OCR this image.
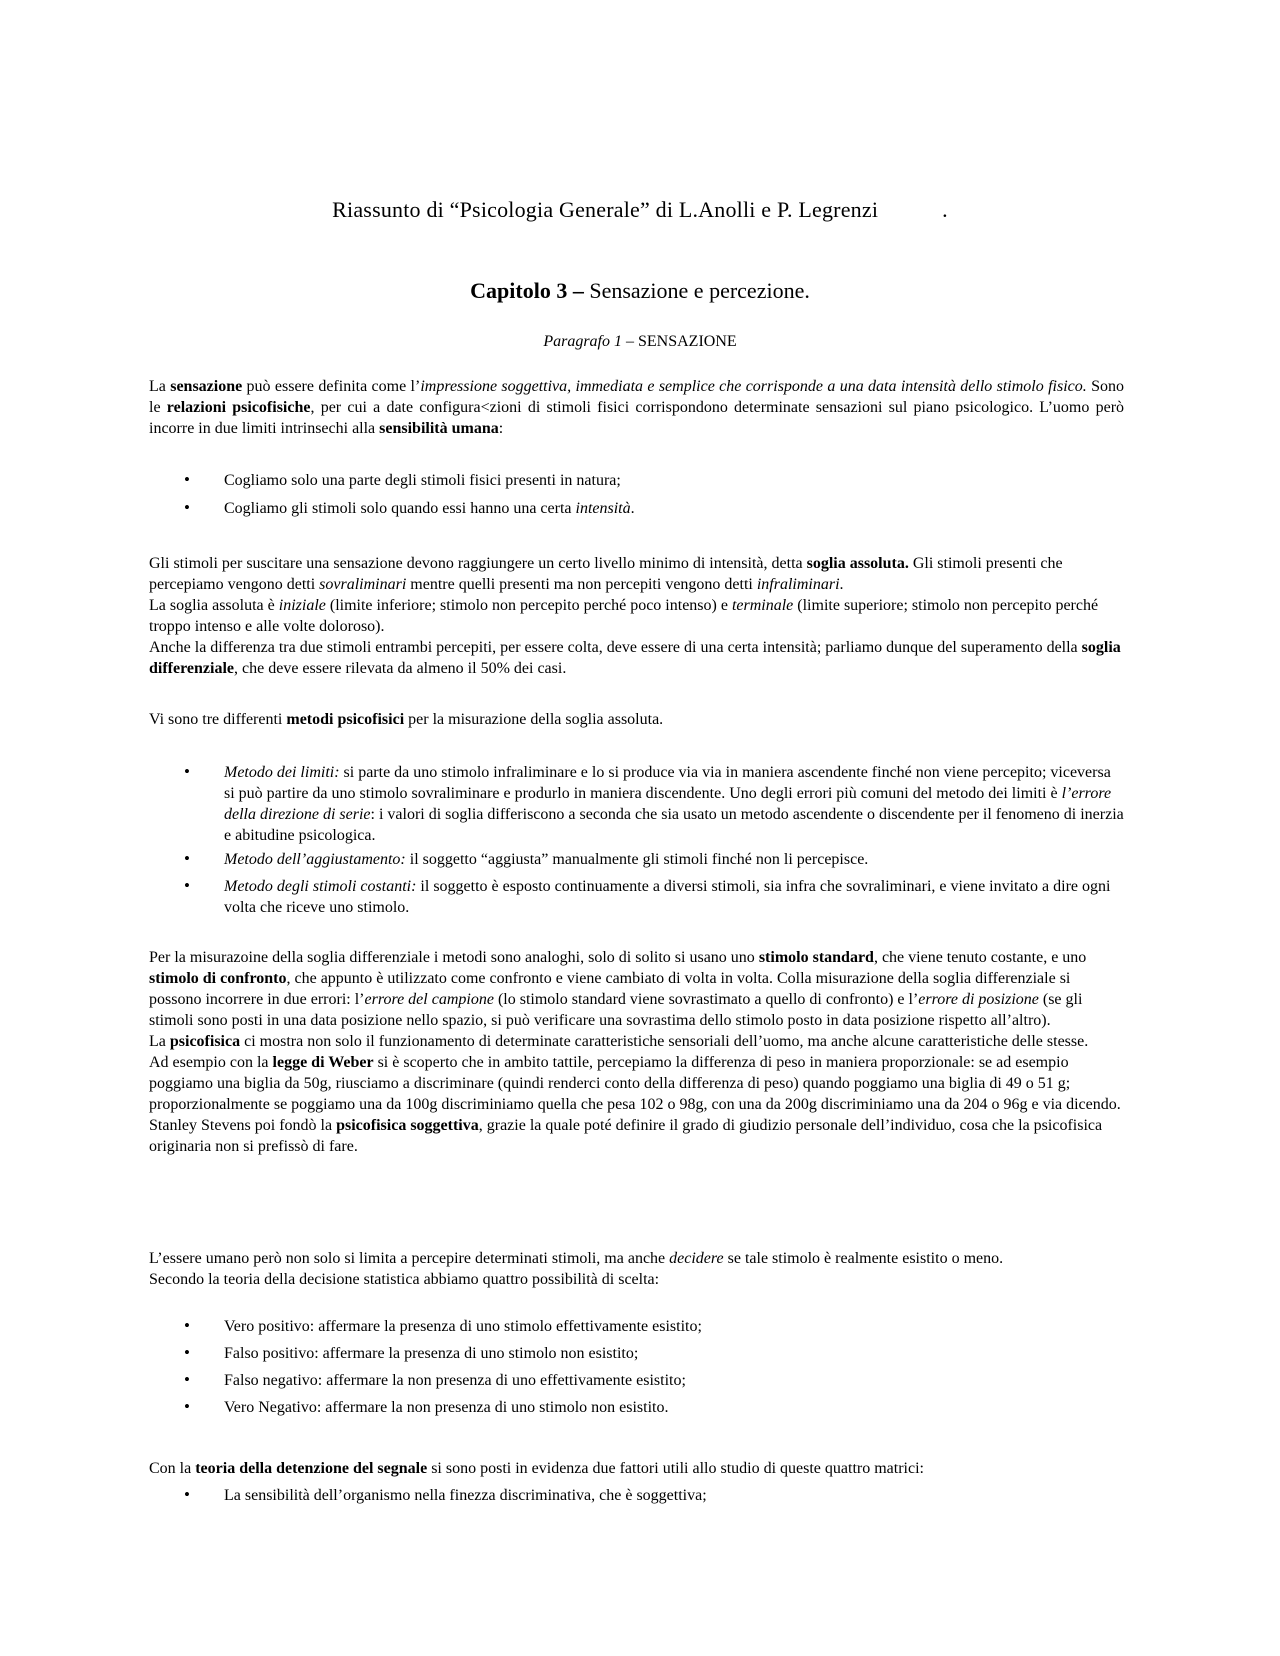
Riassunto di “Psicologia Generale” di L.Anolli e P. Legrenzi	.
Capitolo 3 – Sensazione e percezione.
Paragrafo 1 – SENSAZIONE
La sensazione può essere definita come l’impressione soggettiva, immediata e semplice che corrisponde a una data intensità dello stimolo fisico. Sono le relazioni psicofisiche, per cui a date configura<zioni di stimoli fisici corrispondono determinate sensazioni sul piano psicologico. L’uomo però incorre in due limiti intrinsechi alla sensibilità umana:
• Cogliamo solo una parte degli stimoli fisici presenti in natura;
• Cogliamo gli stimoli solo quando essi hanno una certa intensità.
Gli stimoli per suscitare una sensazione devono raggiungere un certo livello minimo di intensità, detta soglia assoluta. Gli stimoli presenti che percepiamo vengono detti sovraliminari mentre quelli presenti ma non percepiti vengono detti infraliminari.
La soglia assoluta è iniziale (limite inferiore; stimolo non percepito perché poco intenso) e terminale (limite superiore; stimolo non percepito perché troppo intenso e alle volte doloroso).
Anche la differenza tra due stimoli entrambi percepiti, per essere colta, deve essere di una certa intensità; parliamo dunque del superamento della soglia differenziale, che deve essere rilevata da almeno il 50% dei casi.
Vi sono tre differenti metodi psicofisici per la misurazione della soglia assoluta.
• Metodo dei limiti: si parte da uno stimolo infraliminare e lo si produce via via in maniera ascendente finché non viene percepito; viceversa si può partire da uno stimolo sovraliminare e produrlo in maniera discendente. Uno degli errori più comuni del metodo dei limiti è l’errore della direzione di serie: i valori di soglia differiscono a seconda che sia usato un metodo ascendente o discendente per il fenomeno di inerzia e abitudine psicologica.
• Metodo dell’aggiustamento: il soggetto “aggiusta” manualmente gli stimoli finché non li percepisce.
• Metodo degli stimoli costanti: il soggetto è esposto continuamente a diversi stimoli, sia infra che sovraliminari, e viene invitato a dire ogni volta che riceve uno stimolo.
Per la misurazoine della soglia differenziale i metodi sono analoghi, solo di solito si usano uno stimolo standard, che viene tenuto costante, e uno stimolo di confronto, che appunto è utilizzato come confronto e viene cambiato di volta in volta. Colla misurazione della soglia differenziale si possono incorrere in due errori: l’errore del campione (lo stimolo standard viene sovrastimato a quello di confronto) e l’errore di posizione (se gli stimoli sono posti in una data posizione nello spazio, si può verificare una sovrastima dello stimolo posto in data posizione rispetto all’altro).
La psicofisica ci mostra non solo il funzionamento di determinate caratteristiche sensoriali dell’uomo, ma anche alcune caratteristiche delle stesse.
Ad esempio con la legge di Weber si è scoperto che in ambito tattile, percepiamo la differenza di peso in maniera proporzionale: se ad esempio poggiamo una biglia da 50g, riusciamo a discriminare (quindi renderci conto della differenza di peso) quando poggiamo una biglia di 49 o 51 g; proporzionalmente se poggiamo una da 100g discriminiamo quella che pesa 102 o 98g, con una da 200g discriminiamo una da 204 o 96g e via dicendo.
Stanley Stevens poi fondò la psicofisica soggettiva, grazie la quale poté definire il grado di giudizio personale dell’individuo, cosa che la psicofisica originaria non si prefissò di fare.
L’essere umano però non solo si limita a percepire determinati stimoli, ma anche decidere se tale stimolo è realmente esistito o meno.
Secondo la teoria della decisione statistica abbiamo quattro possibilità di scelta:
• Vero positivo: affermare la presenza di uno stimolo effettivamente esistito;
• Falso positivo: affermare la presenza di uno stimolo non esistito;
• Falso negativo: affermare la non presenza di uno effettivamente esistito;
• Vero Negativo: affermare la non presenza di uno stimolo non esistito.
Con la teoria della detenzione del segnale si sono posti in evidenza due fattori utili allo studio di queste quattro matrici:
• La sensibilità dell’organismo nella finezza discriminativa, che è soggettiva;
